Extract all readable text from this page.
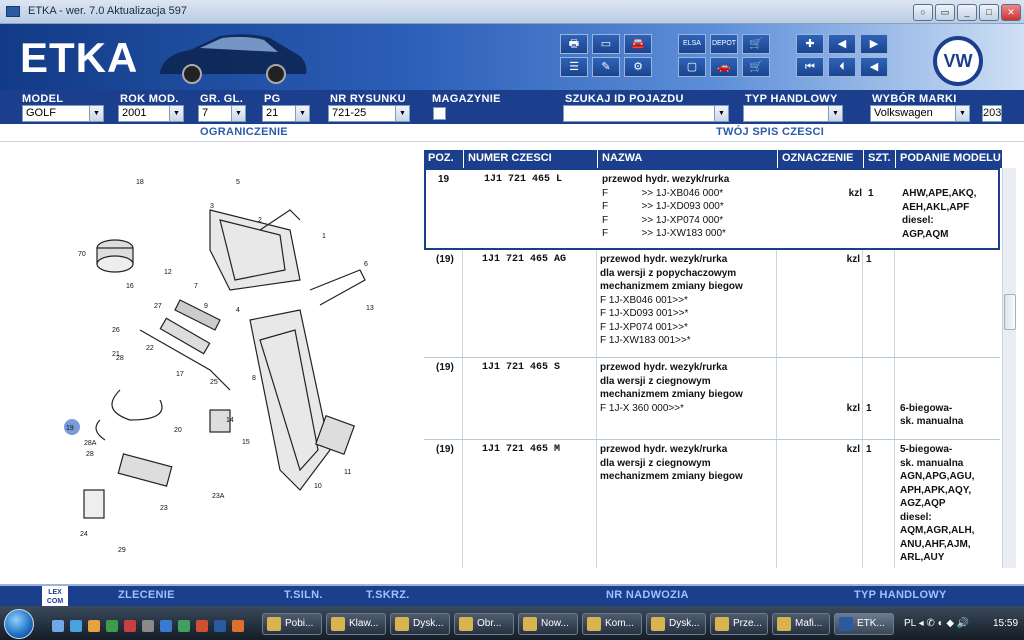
ETKA - wer. 7.0 Aktualizacja 597	○	▭	_	□	✕
ETKA	🖶	▭	🚘
☰	✎	⚙
ELSA	DEPOT	🛒
▢	🚗	🛒
✚	◀	▶
⏮	⏴	◀	VW
MODEL
GOLF	▼
ROK MOD.
2001	▼
GR. GL.
7	▼
PG
21	▼
NR RYSUNKU
721-25	▼
MAGAZYNIE	SZUKAJ ID POJAZDU
▼
TYP HANDLOWY
▼
WYBÓR MARKI
Volkswagen	▼ 203
OGRANICZENIE	TWÓJ SPIS CZESCI
5
18
3
2
6
1
70
12
7
16
27	9
4
26
21
22
17
28
25
8
10
11
19	20
15
14
28A
28
23
24
23A
29
13
POZ.	NUMER CZESCI	NAZWA	OZNACZENIE	SZT. PODANIE MODELU
19	1J1 721 465 L	przewod hydr. wezyk/rurka
F            >> 1J-XB046 000*
F            >> 1J-XD093 000*
F            >> 1J-XP074 000*
F            >> 1J-XW183 000*
kzl 1	AHW,APE,AKQ,
AEH,AKL,APF
diesel:
AGP,AQM
(19)	1J1 721 465 AG	przewod hydr. wezyk/rurka
dla wersji z popychaczowym
mechanizmem zmiany biegow
F 1J-XB046 001>>*
F 1J-XD093 001>>*
F 1J-XP074 001>>*
F 1J-XW183 001>>*
kzl 1
(19)	1J1 721 465 S	przewod hydr. wezyk/rurka
dla wersji z ciegnowym
mechanizmem zmiany biegow
F 1J-X 360 000>>*	kzl 1	6-biegowa-
sk. manualna
(19)	1J1 721 465 M	przewod hydr. wezyk/rurka
dla wersji z ciegnowym
mechanizmem zmiany biegow
kzl 1	5-biegowa-
sk. manualna
AGN,APG,AGU,
APH,APK,AQY,
AGZ,AQP
diesel:
AQM,AGR,ALH,
ANU,AHF,AJM,
ARL,AUY
LEX COM
ZLECENIE	T.SILN.	T.SKRZ.	NR NADWOZIA	TYP HANDLOWY
Pobi...	Klaw...	Dysk...	Obr...	Now...	Kom...	Dysk...	Prze...	Mafi...	ETK...	PL ◂ ✆ ◐ ◆ 🔊 15:59
